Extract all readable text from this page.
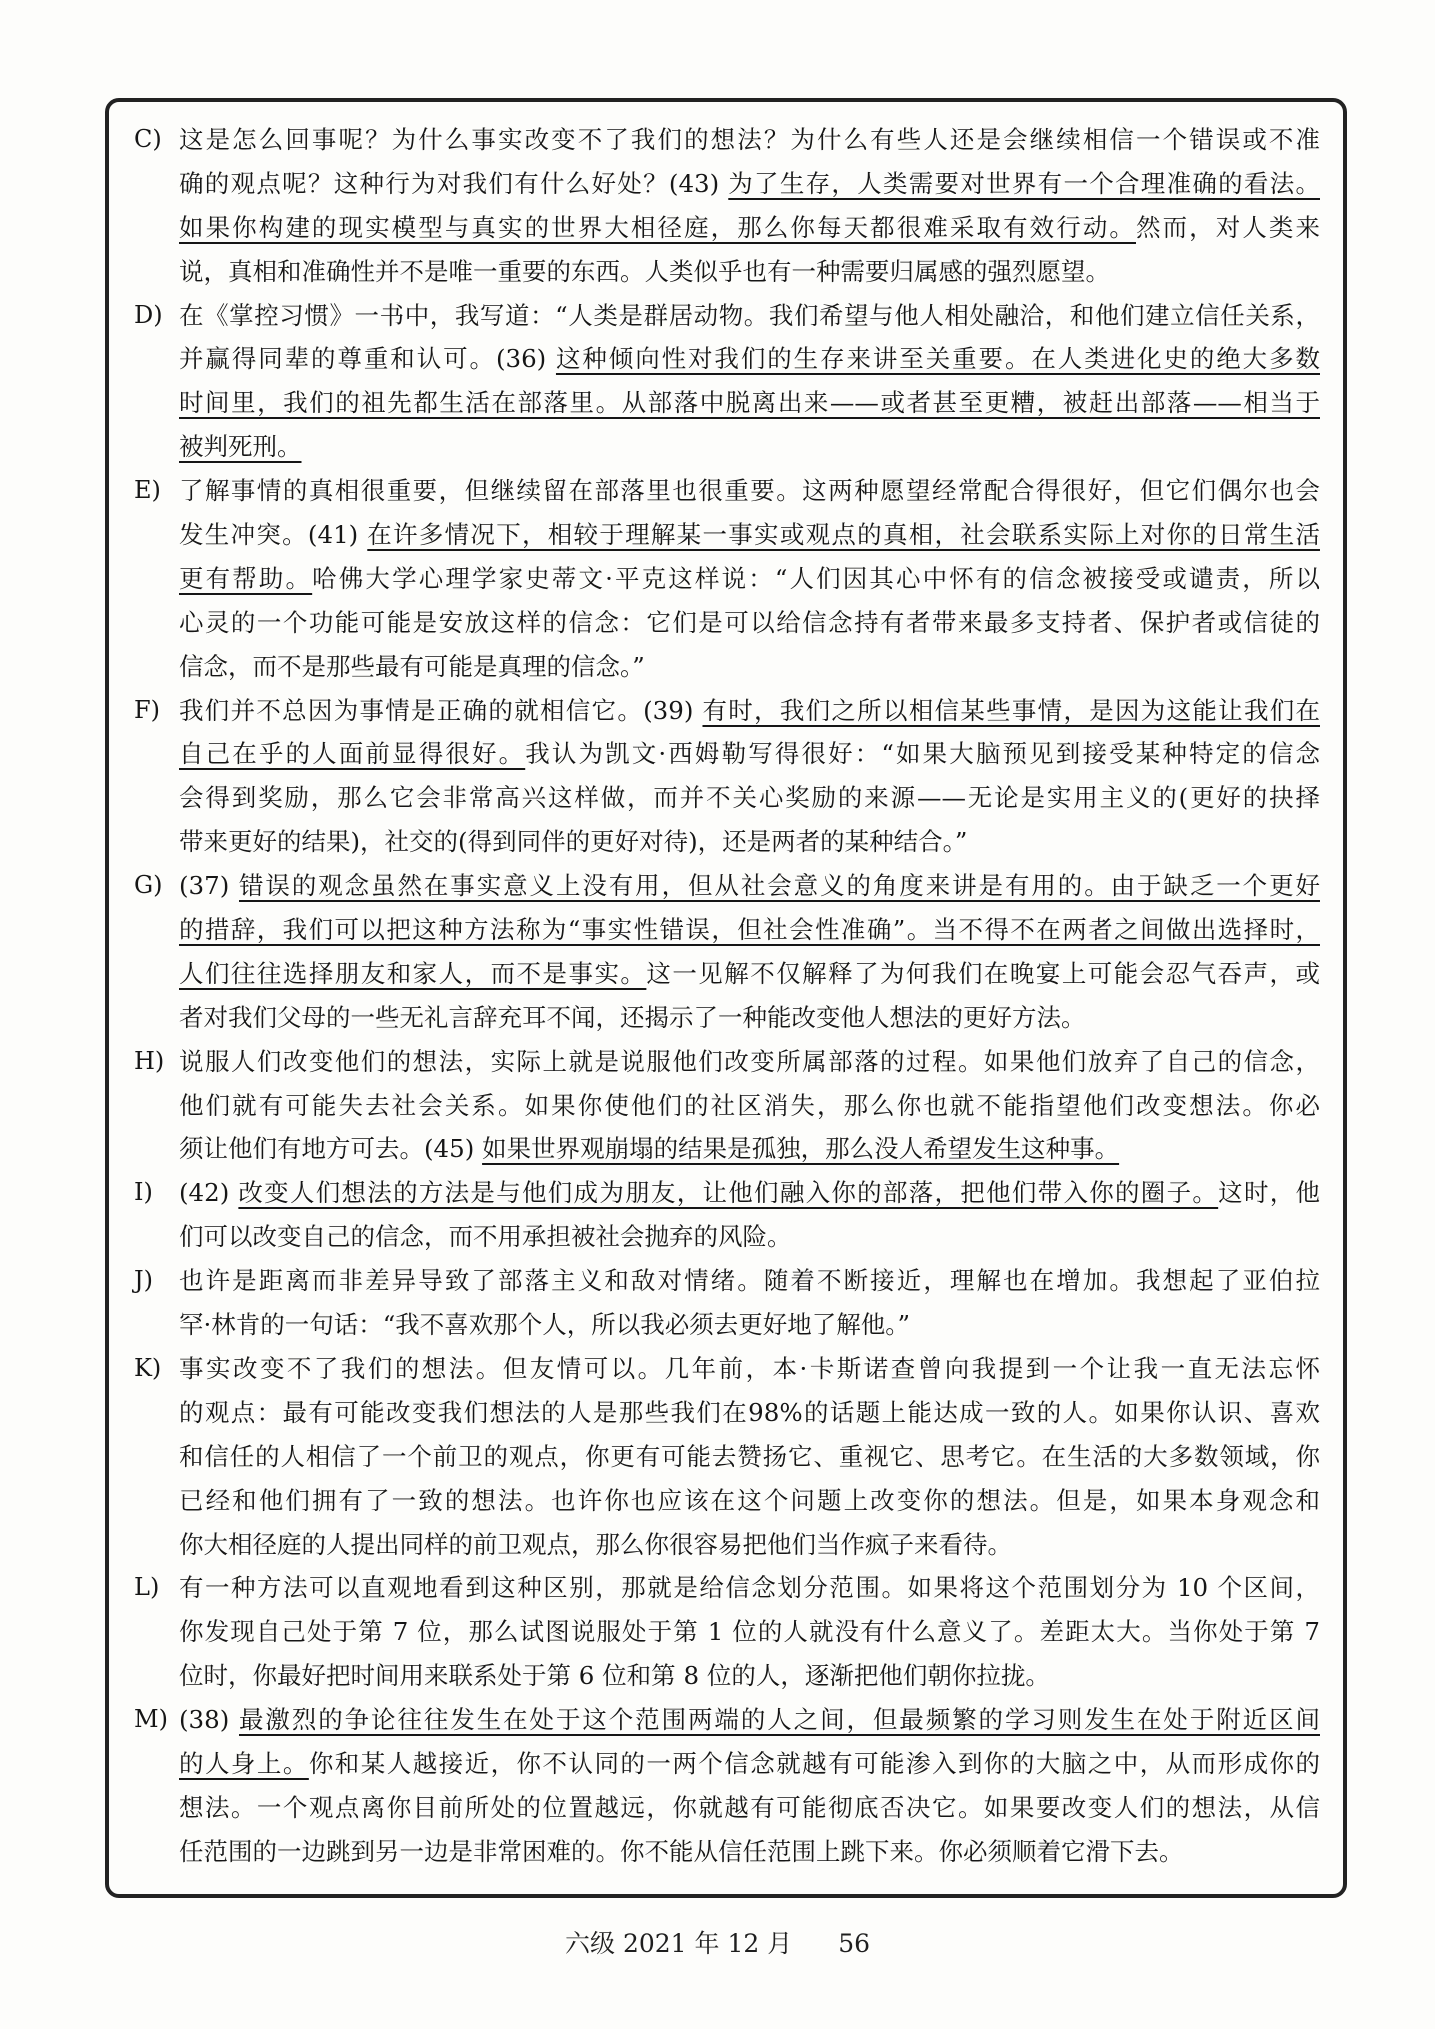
C) 这是怎么回事呢？为什么事实改变不了我们的想法？为什么有些人还是会继续相信一个错误或不准
确的观点呢？这种行为对我们有什么好处？(43) 为了生存，人类需要对世界有一个合理准确的看法。
如果你构建的现实模型与真实的世界大相径庭，那么你每天都很难采取有效行动。然而，对人类来
说，真相和准确性并不是唯一重要的东西。人类似乎也有一种需要归属感的强烈愿望。
D) 在《掌控习惯》一书中，我写道：“人类是群居动物。我们希望与他人相处融洽，和他们建立信任关系，
并赢得同辈的尊重和认可。(36) 这种倾向性对我们的生存来讲至关重要。在人类进化史的绝大多数
时间里，我们的祖先都生活在部落里。从部落中脱离出来——或者甚至更糟，被赶出部落——相当于
被判死刑。
E) 了解事情的真相很重要，但继续留在部落里也很重要。这两种愿望经常配合得很好，但它们偶尔也会
发生冲突。(41) 在许多情况下，相较于理解某一事实或观点的真相，社会联系实际上对你的日常生活
更有帮助。哈佛大学心理学家史蒂文·平克这样说：“人们因其心中怀有的信念被接受或谴责，所以
心灵的一个功能可能是安放这样的信念：它们是可以给信念持有者带来最多支持者、保护者或信徒的
信念，而不是那些最有可能是真理的信念。”
F) 我们并不总因为事情是正确的就相信它。(39) 有时，我们之所以相信某些事情，是因为这能让我们在
自己在乎的人面前显得很好。我认为凯文·西姆勒写得很好：“如果大脑预见到接受某种特定的信念
会得到奖励，那么它会非常高兴这样做，而并不关心奖励的来源——无论是实用主义的(更好的抉择
带来更好的结果)，社交的(得到同伴的更好对待)，还是两者的某种结合。”
G) (37) 错误的观念虽然在事实意义上没有用，但从社会意义的角度来讲是有用的。由于缺乏一个更好
的措辞，我们可以把这种方法称为“事实性错误，但社会性准确”。当不得不在两者之间做出选择时，
人们往往选择朋友和家人，而不是事实。这一见解不仅解释了为何我们在晚宴上可能会忍气吞声，或
者对我们父母的一些无礼言辞充耳不闻，还揭示了一种能改变他人想法的更好方法。
H) 说服人们改变他们的想法，实际上就是说服他们改变所属部落的过程。如果他们放弃了自己的信念，
他们就有可能失去社会关系。如果你使他们的社区消失，那么你也就不能指望他们改变想法。你必
须让他们有地方可去。(45) 如果世界观崩塌的结果是孤独，那么没人希望发生这种事。
I)	(42) 改变人们想法的方法是与他们成为朋友，让他们融入你的部落，把他们带入你的圈子。这时，他
们可以改变自己的信念，而不用承担被社会抛弃的风险。
J)	也许是距离而非差异导致了部落主义和敌对情绪。随着不断接近，理解也在增加。我想起了亚伯拉
罕·林肯的一句话：“我不喜欢那个人，所以我必须去更好地了解他。”
K) 事实改变不了我们的想法。但友情可以。几年前，本·卡斯诺查曾向我提到一个让我一直无法忘怀
的观点：最有可能改变我们想法的人是那些我们在98%的话题上能达成一致的人。如果你认识、喜欢
和信任的人相信了一个前卫的观点，你更有可能去赞扬它、重视它、思考它。在生活的大多数领域，你
已经和他们拥有了一致的想法。也许你也应该在这个问题上改变你的想法。但是，如果本身观念和
你大相径庭的人提出同样的前卫观点，那么你很容易把他们当作疯子来看待。
L) 有一种方法可以直观地看到这种区别，那就是给信念划分范围。如果将这个范围划分为 10 个区间，
你发现自己处于第 7 位，那么试图说服处于第 1 位的人就没有什么意义了。差距太大。当你处于第 7
位时，你最好把时间用来联系处于第 6 位和第 8 位的人，逐渐把他们朝你拉拢。
M) (38) 最激烈的争论往往发生在处于这个范围两端的人之间，但最频繁的学习则发生在处于附近区间
的人身上。你和某人越接近，你不认同的一两个信念就越有可能渗入到你的大脑之中，从而形成你的
想法。一个观点离你目前所处的位置越远，你就越有可能彻底否决它。如果要改变人们的想法，从信
任范围的一边跳到另一边是非常困难的。你不能从信任范围上跳下来。你必须顺着它滑下去。
六级 2021 年 12 月 56
